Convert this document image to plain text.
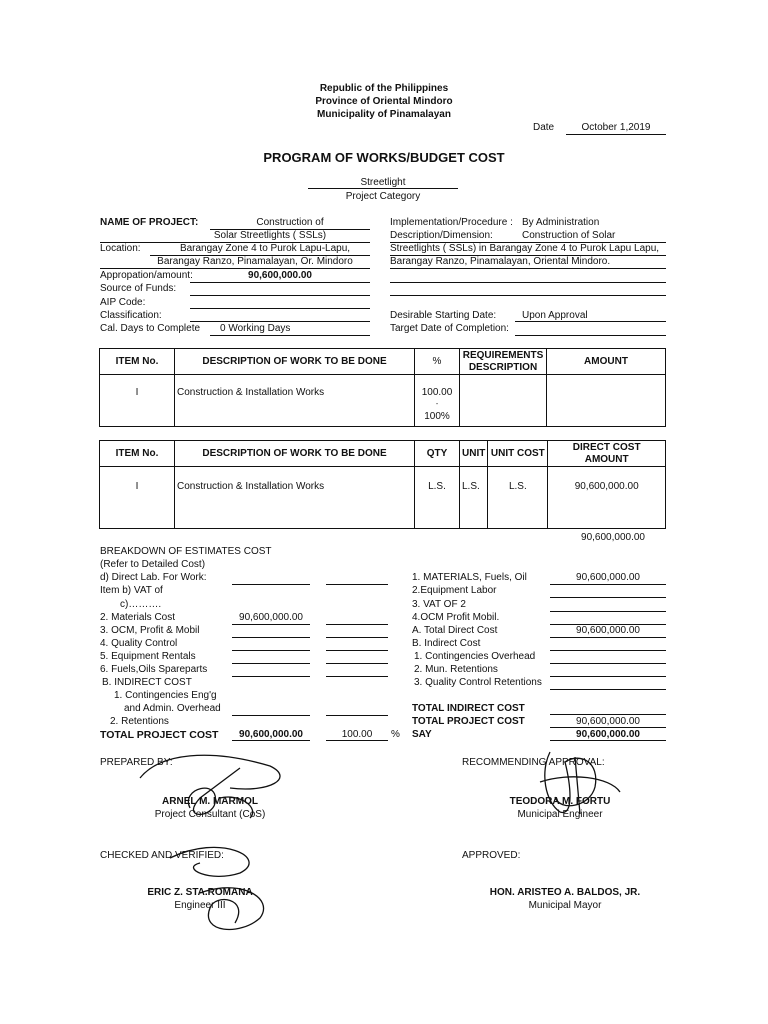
Republic of the Philippines
Province of Oriental Mindoro
Municipality of Pinamalayan
Date	October 1,2019
PROGRAM OF WORKS/BUDGET COST
Streetlight
Project Category
NAME OF PROJECT:	Construction of
Solar Streetlights ( SSLs)
Location:	Barangay Zone 4 to Purok Lapu-Lapu,
Barangay Ranzo, Pinamalayan, Or. Mindoro
Appropation/amount:	90,600,000.00
Source of Funds:
AIP Code:
Classification:
Cal. Days to Complete	0 Working Days
Implementation/Procedure : By Administration
Description/Dimension:	Construction of Solar
Streetlights ( SSLs) in Barangay Zone 4 to Purok Lapu Lapu,
Barangay Ranzo, Pinamalayan, Oriental Mindoro.
Desirable Starting Date:	Upon Approval
Target Date of Completion:
ITEM No.	DESCRIPTION OF WORK TO BE DONE	%	REQUIREMENTS DESCRIPTION	AMOUNT
I	Construction & Installation Works	100.00
-
100%		

ITEM No.	DESCRIPTION OF WORK TO BE DONE	QTY	UNIT	UNIT COST	DIRECT COST AMOUNT
I	Construction & Installation Works	L.S.	L.S.	L.S.	90,600,000.00
90,600,000.00
BREAKDOWN OF ESTIMATES COST
(Refer to Detailed Cost)
d) Direct Lab. For Work:
Item b) VAT of
c)……….
2. Materials Cost	90,600,000.00
3. OCM, Profit & Mobil
4. Quality Control
5. Equipment Rentals
6. Fuels,Oils Spareparts
B. INDIRECT COST
1. Contingencies Eng'g
and Admin. Overhead
2. Retentions
1. MATERIALS, Fuels, Oil	90,600,000.00
2.Equipment Labor
3. VAT OF 2
4.OCM Profit Mobil.
A. Total Direct Cost	90,600,000.00
B. Indirect Cost
1. Contingencies Overhead
2. Mun. Retentions
3. Quality Control Retentions
TOTAL PROJECT COST	90,600,000.00	100.00	%
TOTAL INDIRECT COST
TOTAL PROJECT COST	90,600,000.00
SAY	90,600,000.00
PREPARED BY:
ARNEL M. MARMOL
Project Consultant (CoS)
RECOMMENDING APPROVAL:
TEODORA M. FORTU
Municipal Engineer
CHECKED AND VERIFIED:
ERIC Z. STA.ROMANA
Engineer III
APPROVED:
HON. ARISTEO A. BALDOS, JR.
Municipal Mayor
